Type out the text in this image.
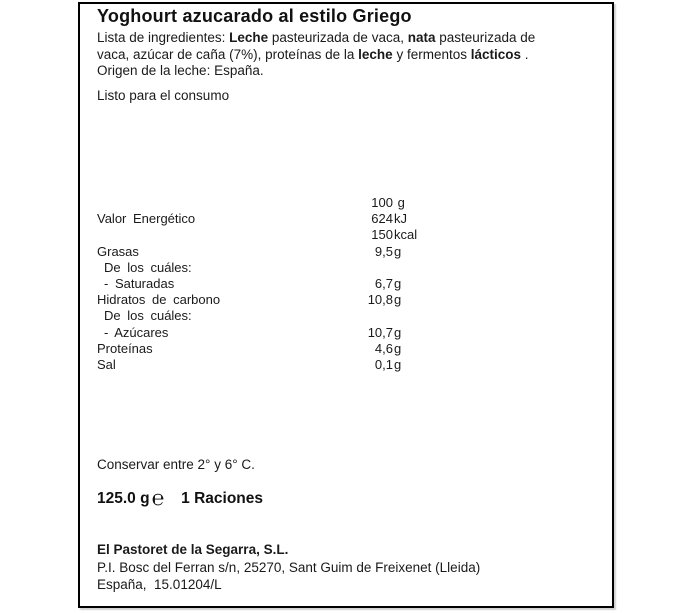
Yoghourt azucarado al estilo Griego
Lista de ingredientes: Leche pasteurizada de vaca, nata pasteurizada de vaca, azúcar de caña (7%), proteínas de la leche y fermentos lácticos . Origen de la leche: España.
Listo para el consumo
100 g
Valor Energético	624kJ
150kcal
Grasas	9,5g
De los cuáles:
- Saturadas	6,7g
Hidratos de carbono	10,8g
De los cuáles:
- Azúcares	10,7g
Proteínas	4,6g
Sal	0,1g
Conservar entre 2° y 6° C.
125.0 g ℮ 1 Raciones
El Pastoret de la Segarra, S.L.
P.I. Bosc del Ferran s/n, 25270, Sant Guim de Freixenet (Lleida)
España,  15.01204/L
